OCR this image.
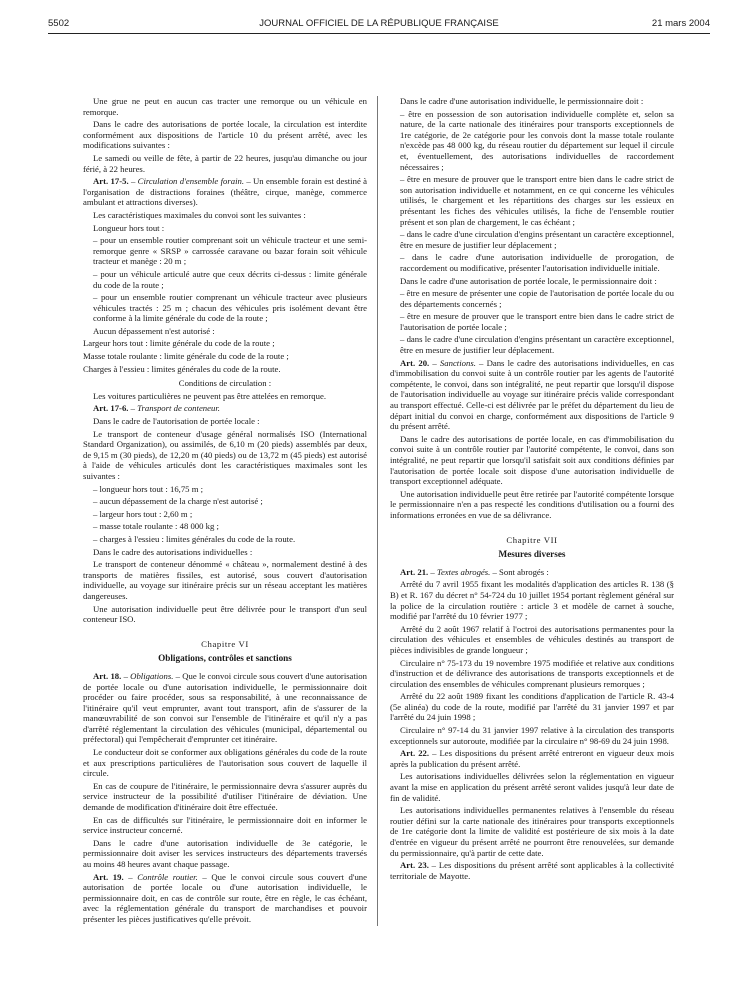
5502	JOURNAL OFFICIEL DE LA RÉPUBLIQUE FRANÇAISE	21 mars 2004

Une grue ne peut en aucun cas tracter une remorque ou un véhicule en remorque.

Dans le cadre des autorisations de portée locale, la circulation est interdite conformément aux dispositions de l'article 10 du présent arrêté, avec les modifications suivantes :

Le samedi ou veille de fête, à partir de 22 heures, jusqu'au dimanche ou jour férié, à 22 heures.

Art. 17-5. – Circulation d'ensemble forain. – Un ensemble forain est destiné à l'organisation de distractions foraines (théâtre, cirque, manège, commerce ambulant et attractions diverses).

Les caractéristiques maximales du convoi sont les suivantes :

Longueur hors tout :

– pour un ensemble routier comprenant soit un véhicule tracteur et une semi-remorque genre « SRSP » carrossée caravane ou bazar forain soit véhicule tracteur et manège : 20 m ;

– pour un véhicule articulé autre que ceux décrits ci-dessus : limite générale du code de la route ;

– pour un ensemble routier comprenant un véhicule tracteur avec plusieurs véhicules tractés : 25 m ; chacun des véhicules pris isolément devant être conforme à la limite générale du code de la route ;

Aucun dépassement n'est autorisé :

Largeur hors tout : limite générale du code de la route ;

Masse totale roulante : limite générale du code de la route ;

Charges à l'essieu : limites générales du code de la route.

Conditions de circulation :

Les voitures particulières ne peuvent pas être attelées en remorque.

Art. 17-6. – Transport de conteneur.

Dans le cadre de l'autorisation de portée locale :

Le transport de conteneur d'usage général normalisés ISO (International Standard Organization), ou assimilés, de 6,10 m (20 pieds) assemblés par deux, de 9,15 m (30 pieds), de 12,20 m (40 pieds) ou de 13,72 m (45 pieds) est autorisé à l'aide de véhicules articulés dont les caractéristiques maximales sont les suivantes :

– longueur hors tout : 16,75 m ;

– aucun dépassement de la charge n'est autorisé ;

– largeur hors tout : 2,60 m ;

– masse totale roulante : 48 000 kg ;

– charges à l'essieu : limites générales du code de la route.

Dans le cadre des autorisations individuelles :

Le transport de conteneur dénommé « château », normalement destiné à des transports de matières fissiles, est autorisé, sous couvert d'autorisation individuelle, au voyage sur itinéraire précis sur un réseau acceptant les matières dangereuses.

Une autorisation individuelle peut être délivrée pour le transport d'un seul conteneur ISO.

Chapitre VI
Obligations, contrôles et sanctions

Art. 18. – Obligations. – Que le convoi circule sous couvert d'une autorisation de portée locale ou d'une autorisation individuelle, le permissionnaire doit procéder ou faire procéder, sous sa responsabilité, à une reconnaissance de l'itinéraire qu'il veut emprunter, avant tout transport, afin de s'assurer de la manœuvrabilité de son convoi sur l'ensemble de l'itinéraire et qu'il n'y a pas d'arrêté réglementant la circulation des véhicules (municipal, départemental ou préfectoral) qui l'empêcherait d'emprunter cet itinéraire.

Le conducteur doit se conformer aux obligations générales du code de la route et aux prescriptions particulières de l'autorisation sous couvert de laquelle il circule.

En cas de coupure de l'itinéraire, le permissionnaire devra s'assurer auprès du service instructeur de la possibilité d'utiliser l'itinéraire de déviation. Une demande de modification d'itinéraire doit être effectuée.

En cas de difficultés sur l'itinéraire, le permissionnaire doit en informer le service instructeur concerné.

Dans le cadre d'une autorisation individuelle de 3e catégorie, le permissionnaire doit aviser les services instructeurs des départements traversés au moins 48 heures avant chaque passage.

Art. 19. – Contrôle routier. – Que le convoi circule sous couvert d'une autorisation de portée locale ou d'une autorisation individuelle, le permissionnaire doit, en cas de contrôle sur route, être en règle, le cas échéant, avec la réglementation générale du transport de marchandises et pouvoir présenter les pièces justificatives qu'elle prévoit.

Dans le cadre d'une autorisation individuelle, le permissionnaire doit :

– être en possession de son autorisation individuelle complète et, selon sa nature, de la carte nationale des itinéraires pour transports exceptionnels de 1re catégorie, de 2e catégorie pour les convois dont la masse totale roulante n'excède pas 48 000 kg, du réseau routier du département sur lequel il circule et, éventuellement, des autorisations individuelles de raccordement nécessaires ;

– être en mesure de prouver que le transport entre bien dans le cadre strict de son autorisation individuelle et notamment, en ce qui concerne les véhicules utilisés, le chargement et les répartitions des charges sur les essieux en présentant les fiches des véhicules utilisés, la fiche de l'ensemble routier présent et son plan de chargement, le cas échéant ;

– dans le cadre d'une circulation d'engins présentant un caractère exceptionnel, être en mesure de justifier leur déplacement ;

– dans le cadre d'une autorisation individuelle de prorogation, de raccordement ou modificative, présenter l'autorisation individuelle initiale.

Dans le cadre d'une autorisation de portée locale, le permissionnaire doit :

– être en mesure de présenter une copie de l'autorisation de portée locale du ou des départements concernés ;

– être en mesure de prouver que le transport entre bien dans le cadre strict de l'autorisation de portée locale ;

– dans le cadre d'une circulation d'engins présentant un caractère exceptionnel, être en mesure de justifier leur déplacement.

Art. 20. – Sanctions. – Dans le cadre des autorisations individuelles, en cas d'immobilisation du convoi suite à un contrôle routier par les agents de l'autorité compétente, le convoi, dans son intégralité, ne peut repartir que lorsqu'il dispose de l'autorisation individuelle au voyage sur itinéraire précis valide correspondant au transport effectué. Celle-ci est délivrée par le préfet du département du lieu de départ initial du convoi en charge, conformément aux dispositions de l'article 9 du présent arrêté.

Dans le cadre des autorisations de portée locale, en cas d'immobilisation du convoi suite à un contrôle routier par l'autorité compétente, le convoi, dans son intégralité, ne peut repartir que lorsqu'il satisfait soit aux conditions définies par l'autorisation de portée locale soit dispose d'une autorisation individuelle de transport exceptionnel adéquate.

Une autorisation individuelle peut être retirée par l'autorité compétente lorsque le permissionnaire n'en a pas respecté les conditions d'utilisation ou a fourni des informations erronées en vue de sa délivrance.

Chapitre VII
Mesures diverses

Art. 21. – Textes abrogés. – Sont abrogés :

Arrêté du 7 avril 1955 fixant les modalités d'application des articles R. 138 (§ B) et R. 167 du décret n° 54-724 du 10 juillet 1954 portant règlement général sur la police de la circulation routière : article 3 et modèle de carnet à souche, modifié par l'arrêté du 10 février 1977 ;

Arrêté du 2 août 1967 relatif à l'octroi des autorisations permanentes pour la circulation des véhicules et ensembles de véhicules destinés au transport de pièces indivisibles de grande longueur ;

Circulaire n° 75-173 du 19 novembre 1975 modifiée et relative aux conditions d'instruction et de délivrance des autorisations de transports exceptionnels et de circulation des ensembles de véhicules comprenant plusieurs remorques ;

Arrêté du 22 août 1989 fixant les conditions d'application de l'article R. 43-4 (5e alinéa) du code de la route, modifié par l'arrêté du 31 janvier 1997 et par l'arrêté du 24 juin 1998 ;

Circulaire n° 97-14 du 31 janvier 1997 relative à la circulation des transports exceptionnels sur autoroute, modifiée par la circulaire n° 98-69 du 24 juin 1998.

Art. 22. – Les dispositions du présent arrêté entreront en vigueur deux mois après la publication du présent arrêté.

Les autorisations individuelles délivrées selon la réglementation en vigueur avant la mise en application du présent arrêté seront valides jusqu'à leur date de fin de validité.

Les autorisations individuelles permanentes relatives à l'ensemble du réseau routier défini sur la carte nationale des itinéraires pour transports exceptionnels de 1re catégorie dont la limite de validité est postérieure de six mois à la date d'entrée en vigueur du présent arrêté ne pourront être renouvelées, sur demande du permissionnaire, qu'à partir de cette date.

Art. 23. – Les dispositions du présent arrêté sont applicables à la collectivité territoriale de Mayotte.
